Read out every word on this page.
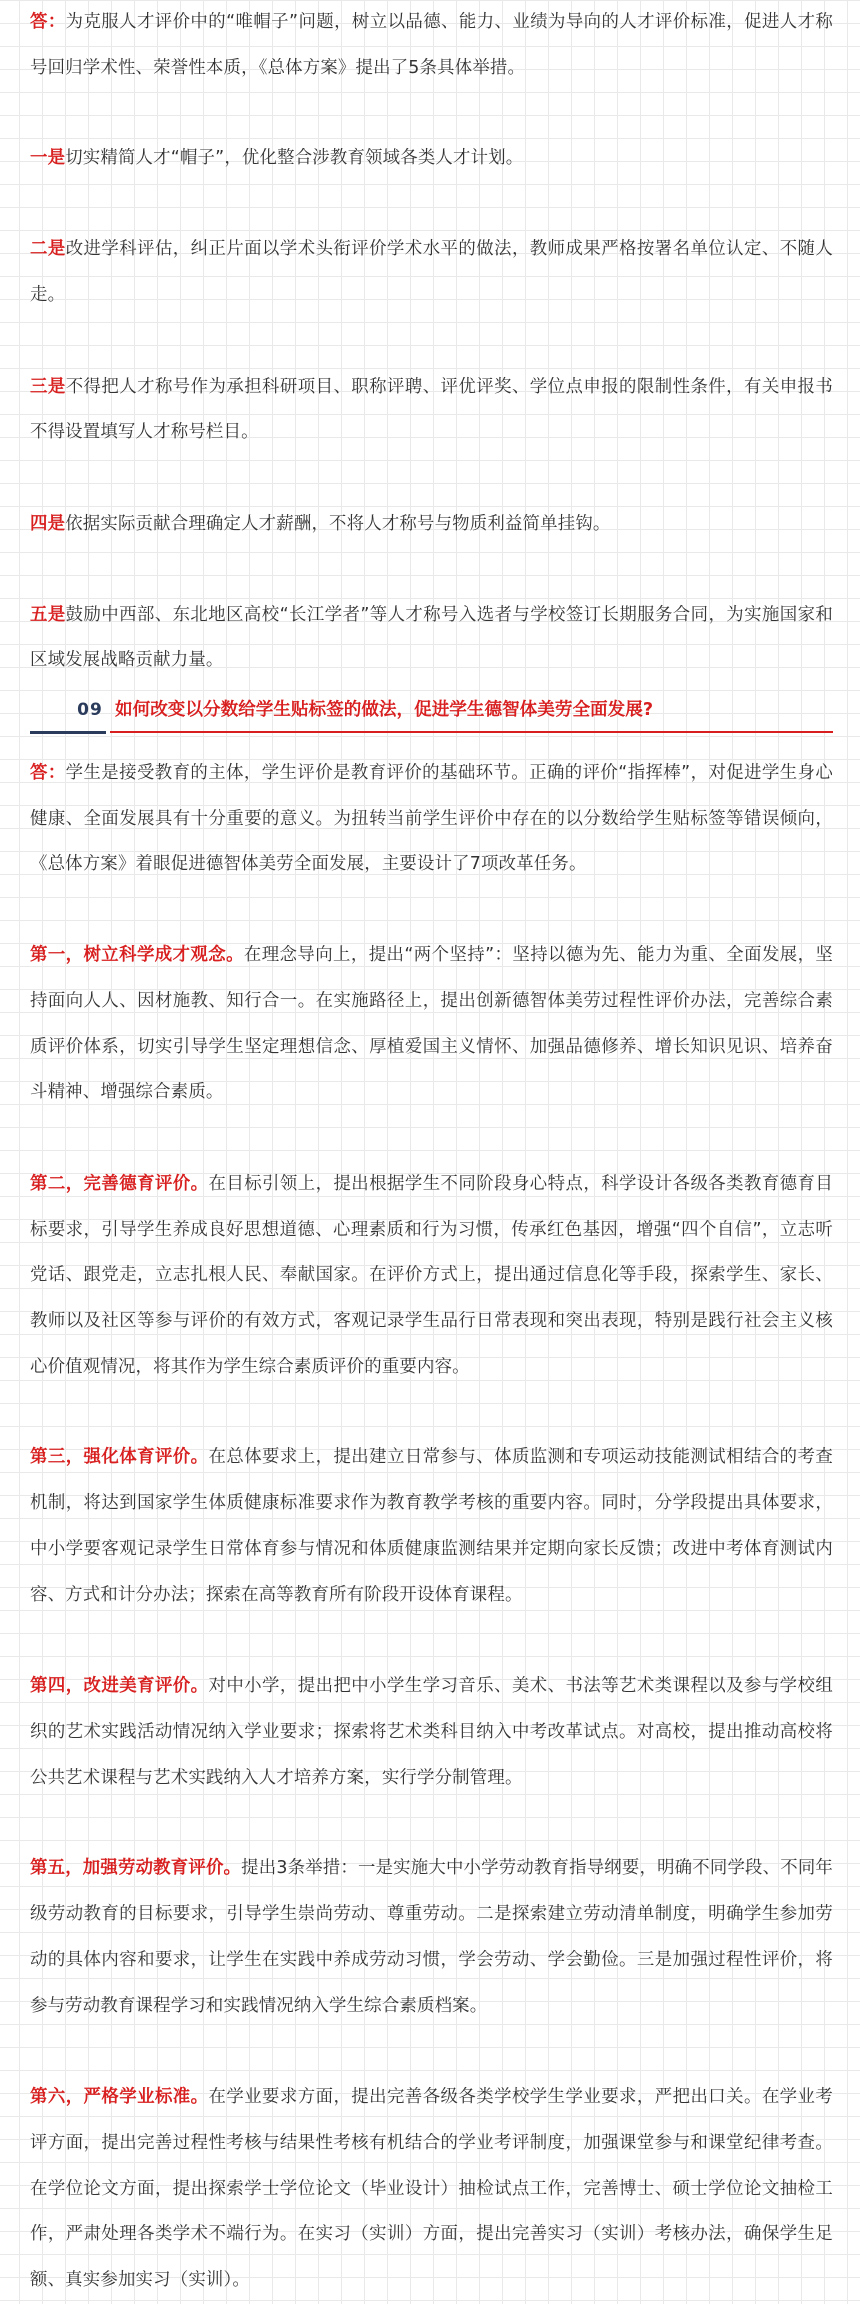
答：为克服人才评价中的“唯帽子”问题，树立以品德、能力、业绩为导向的人才评价标准，促进人才称号回归学术性、荣誉性本质，《总体方案》提出了5条具体举措。

一是切实精简人才“帽子”，优化整合涉教育领域各类人才计划。

二是改进学科评估，纠正片面以学术头衔评价学术水平的做法，教师成果严格按署名单位认定、不随人走。

三是不得把人才称号作为承担科研项目、职称评聘、评优评奖、学位点申报的限制性条件，有关申报书不得设置填写人才称号栏目。

四是依据实际贡献合理确定人才薪酬，不将人才称号与物质利益简单挂钩。

五是鼓励中西部、东北地区高校“长江学者”等人才称号入选者与学校签订长期服务合同，为实施国家和区域发展战略贡献力量。

09 如何改变以分数给学生贴标签的做法，促进学生德智体美劳全面发展?

答：学生是接受教育的主体，学生评价是教育评价的基础环节。正确的评价“指挥棒”，对促进学生身心健康、全面发展具有十分重要的意义。为扭转当前学生评价中存在的以分数给学生贴标签等错误倾向，《总体方案》着眼促进德智体美劳全面发展，主要设计了7项改革任务。

第一，树立科学成才观念。在理念导向上，提出“两个坚持”：坚持以德为先、能力为重、全面发展，坚持面向人人、因材施教、知行合一。在实施路径上，提出创新德智体美劳过程性评价办法，完善综合素质评价体系，切实引导学生坚定理想信念、厚植爱国主义情怀、加强品德修养、增长知识见识、培养奋斗精神、增强综合素质。

第二，完善德育评价。在目标引领上，提出根据学生不同阶段身心特点，科学设计各级各类教育德育目标要求，引导学生养成良好思想道德、心理素质和行为习惯，传承红色基因，增强“四个自信”，立志听党话、跟党走，立志扎根人民、奉献国家。在评价方式上，提出通过信息化等手段，探索学生、家长、教师以及社区等参与评价的有效方式，客观记录学生品行日常表现和突出表现，特别是践行社会主义核心价值观情况，将其作为学生综合素质评价的重要内容。

第三，强化体育评价。在总体要求上，提出建立日常参与、体质监测和专项运动技能测试相结合的考查机制，将达到国家学生体质健康标准要求作为教育教学考核的重要内容。同时，分学段提出具体要求，中小学要客观记录学生日常体育参与情况和体质健康监测结果并定期向家长反馈；改进中考体育测试内容、方式和计分办法；探索在高等教育所有阶段开设体育课程。

第四，改进美育评价。对中小学，提出把中小学生学习音乐、美术、书法等艺术类课程以及参与学校组织的艺术实践活动情况纳入学业要求；探索将艺术类科目纳入中考改革试点。对高校，提出推动高校将公共艺术课程与艺术实践纳入人才培养方案，实行学分制管理。

第五，加强劳动教育评价。提出3条举措：一是实施大中小学劳动教育指导纲要，明确不同学段、不同年级劳动教育的目标要求，引导学生崇尚劳动、尊重劳动。二是探索建立劳动清单制度，明确学生参加劳动的具体内容和要求，让学生在实践中养成劳动习惯，学会劳动、学会勤俭。三是加强过程性评价，将参与劳动教育课程学习和实践情况纳入学生综合素质档案。

第六，严格学业标准。在学业要求方面，提出完善各级各类学校学生学业要求，严把出口关。在学业考评方面，提出完善过程性考核与结果性考核有机结合的学业考评制度，加强课堂参与和课堂纪律考查。在学位论文方面，提出探索学士学位论文（毕业设计）抽检试点工作，完善博士、硕士学位论文抽检工作，严肃处理各类学术不端行为。在实习（实训）方面，提出完善实习（实训）考核办法，确保学生足额、真实参加实习（实训）。
